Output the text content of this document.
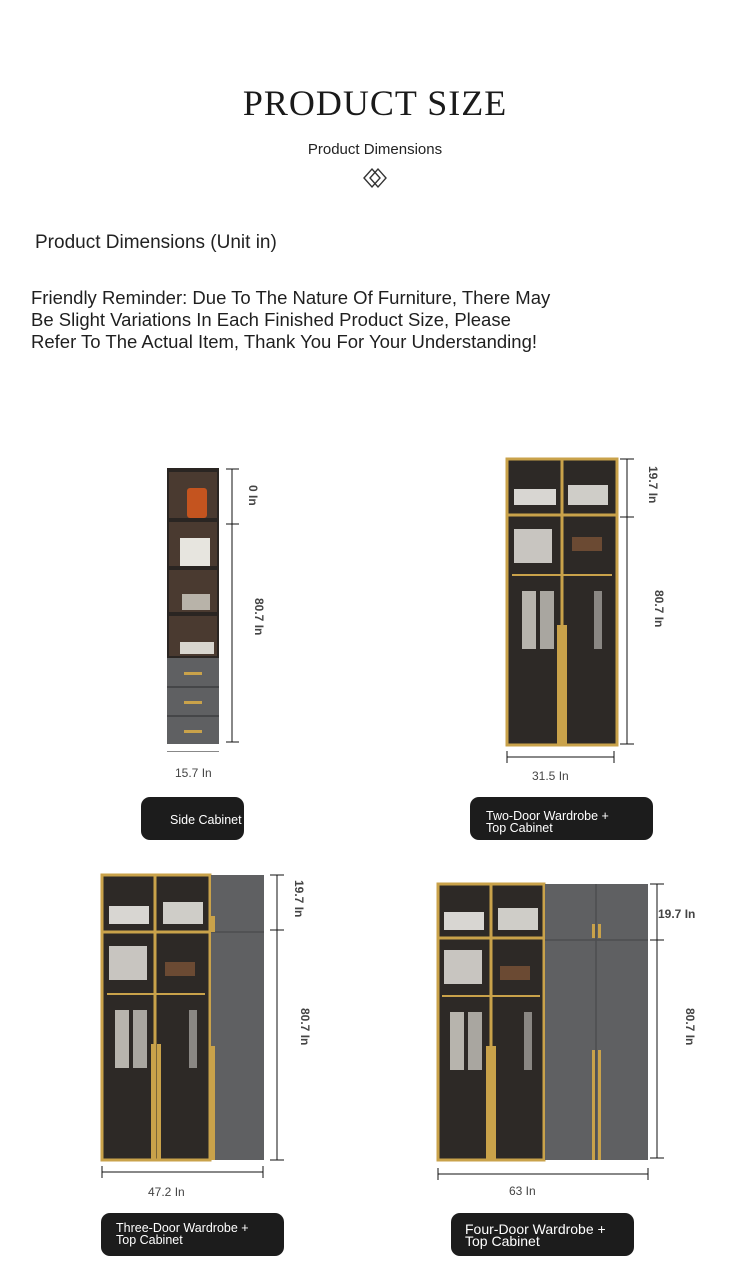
PRODUCT SIZE
Product Dimensions
Product Dimensions (Unit in)
Friendly Reminder: Due To The Nature Of Furniture, There May Be Slight Variations In Each Finished Product Size, Please Refer To The Actual Item, Thank You For Your Understanding!
0 In
80.7 In
15.7 In
Side Cabinet
19.7 In
80.7 In
31.5 In
Two-Door Wardrobe + Top Cabinet
19.7 In
80.7 In
47.2 In
Three-Door Wardrobe + Top Cabinet
19.7 In
80.7 In
63 In
Four-Door Wardrobe + Top Cabinet
